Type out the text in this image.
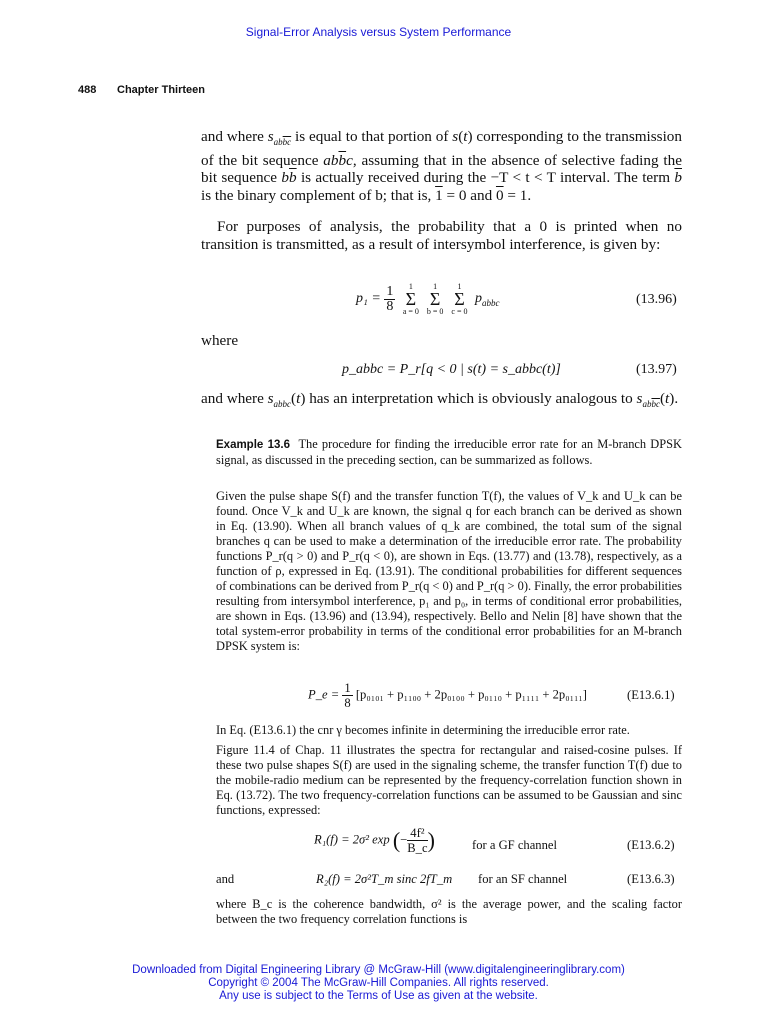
Signal-Error Analysis versus System Performance
488 Chapter Thirteen
and where $s_{ab\overline{bc}}$ is equal to that portion of s(t) corresponding to the transmission of the bit sequence $ab\overline{b}c$, assuming that in the absence of selective fading the bit sequence $b\overline{b}$ is actually received during the −T < t < T interval. The term $\overline{b}$ is the binary complement of b; that is, 1 = 0 and 0 = 1.
For purposes of analysis, the probability that a 0 is printed when no transition is transmitted, as a result of intersymbol interference, is given by:
$p_1 = \frac{1}{8}$
	1
Σ
a = 0
1
Σ
b = 0
1
Σ
c = 0
$p_{abbc}$	(13.96)
where
p_abbc = P_r[q < 0 | s(t) = s_abbc(t)]	(13.97)
and where $s_{abbc}(t)$ has an interpretation which is obviously analogous to $s_{ab\overline{bc}}(t)$.
Example 13.6 The procedure for finding the irreducible error rate for an M-branch DPSK signal, as discussed in the preceding section, can be summarized as follows.
Given the pulse shape S(f) and the transfer function T(f), the values of V_k and U_k can be found. Once V_k and U_k are known, the signal q for each branch can be derived as shown in Eq. (13.90). When all branch values of q_k are combined, the total sum of the signal branches q can be used to make a determination of the irreducible error rate. The probability functions P_r(q > 0) and P_r(q < 0), are shown in Eqs. (13.77) and (13.78), respectively, as a function of ρ, expressed in Eq. (13.91). The conditional probabilities for different sequences of combinations can be derived from P_r(q < 0) and P_r(q > 0). Finally, the error probabilities resulting from intersymbol interference, p₁ and p₀, in terms of conditional error probabilities, are shown in Eqs. (13.96) and (13.94), respectively. Bello and Nelin [8] have shown that the total system-error probability in terms of the conditional error probabilities for an M-branch DPSK system is:
P_e = $\frac{1}{8} [p_{0101} + p_{1100} + 2p_{0100} + p_{0110} + p_{1111} + 2p_{0111}]$	(E13.6.1)
In Eq. (E13.6.1) the cnr γ becomes infinite in determining the irreducible error rate.
Figure 11.4 of Chap. 11 illustrates the spectra for rectangular and raised-cosine pulses. If these two pulse shapes S(f) are used in the signaling scheme, the transfer function T(f) due to the mobile-radio medium can be represented by the frequency-correlation function shown in Eq. (13.72). The two frequency-correlation functions can be assumed to be Gaussian and sinc functions, expressed:
R₁(f) = 2σ² exp (− $\frac{\text{4f²}}{B\_c}$ )	for a GF channel	(E13.6.2)
and	R₂(f) = 2σ²T_m sinc 2fT_m for an SF channel	(E13.6.3)
where B_c is the coherence bandwidth, σ² is the average power, and the scaling factor between the two frequency correlation functions is
Downloaded from Digital Engineering Library @ McGraw-Hill (www.digitalengineeringlibrary.com)
Copyright © 2004 The McGraw-Hill Companies. All rights reserved.
Any use is subject to the Terms of Use as given at the website.
